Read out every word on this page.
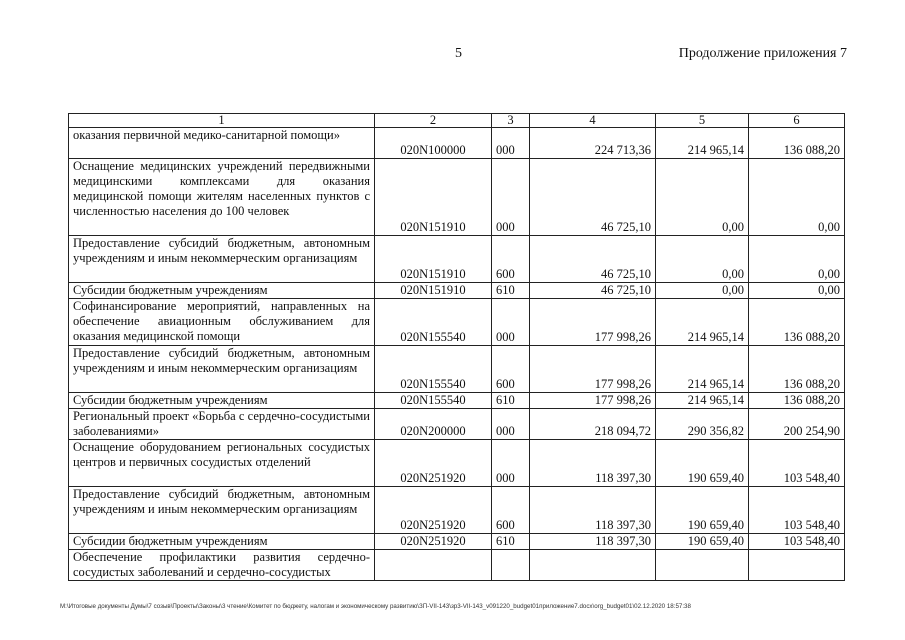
5	Продолжение приложения 7
1	2	3	4	5	6
оказания первичной медико-санитарной помощи»	020N100000	000	224 713,36	214 965,14	136 088,20
Оснащение медицинских учреждений передвижными медицинскими комплексами для оказания медицинской помощи жителям населенных пунктов с численностью населения до 100 человек	020N151910	000	46 725,10	0,00	0,00
Предоставление субсидий бюджетным, автономным учреждениям и иным некоммерческим организациям	020N151910	600	46 725,10	0,00	0,00
Субсидии бюджетным учреждениям	020N151910	610	46 725,10	0,00	0,00
Софинансирование мероприятий, направленных на обеспечение авиационным обслуживанием для оказания медицинской помощи	020N155540	000	177 998,26	214 965,14	136 088,20
Предоставление субсидий бюджетным, автономным учреждениям и иным некоммерческим организациям	020N155540	600	177 998,26	214 965,14	136 088,20
Субсидии бюджетным учреждениям	020N155540	610	177 998,26	214 965,14	136 088,20
Региональный проект «Борьба с сердечно-сосудистыми заболеваниями»	020N200000	000	218 094,72	290 356,82	200 254,90
Оснащение оборудованием региональных сосудистых центров и первичных сосудистых отделений	020N251920	000	118 397,30	190 659,40	103 548,40
Предоставление субсидий бюджетным, автономным учреждениям и иным некоммерческим организациям	020N251920	600	118 397,30	190 659,40	103 548,40
Субсидии бюджетным учреждениям	020N251920	610	118 397,30	190 659,40	103 548,40
Обеспечение профилактики развития сердечно-сосудистых заболеваний и сердечно-сосудистых					
M:\Итоговые документы Думы\7 созыв\Проекты\Законы\3 чтение\Комитет по бюджету, налогам и экономическому развитию\ЗП-VII-143\зр3-VII-143_v091220_budget01приложение7.docx\org_budget01\02.12.2020 18:57:38
